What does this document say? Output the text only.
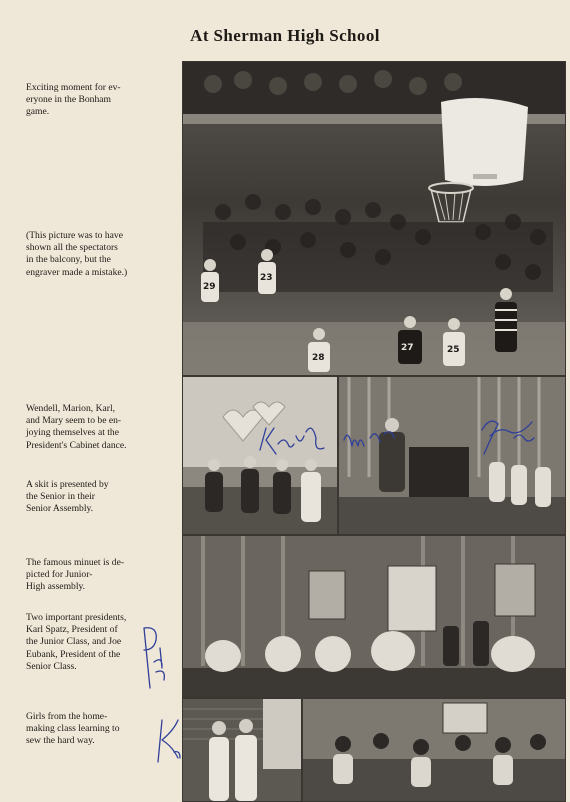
At Sherman High School
Exciting moment for ev-
eryone in the Bonham
game.
(This picture was to have
shown all the spectators
in the balcony, but the
engraver made a mistake.)
Wendell, Marion, Karl,
and Mary seem to be en-
joying themselves at the
President's Cabinet dance.
A skit is presented by
the Senior in their
Senior Assembly.
The famous minuet is de-
picted for Junior-
High assembly.
Two important presidents,
Karl Spatz, President of
the Junior Class, and Joe
Eubank, President of the
Senior Class.
Girls from the home-
making class learning to
sew the hard way.
29
23
28
27	25
